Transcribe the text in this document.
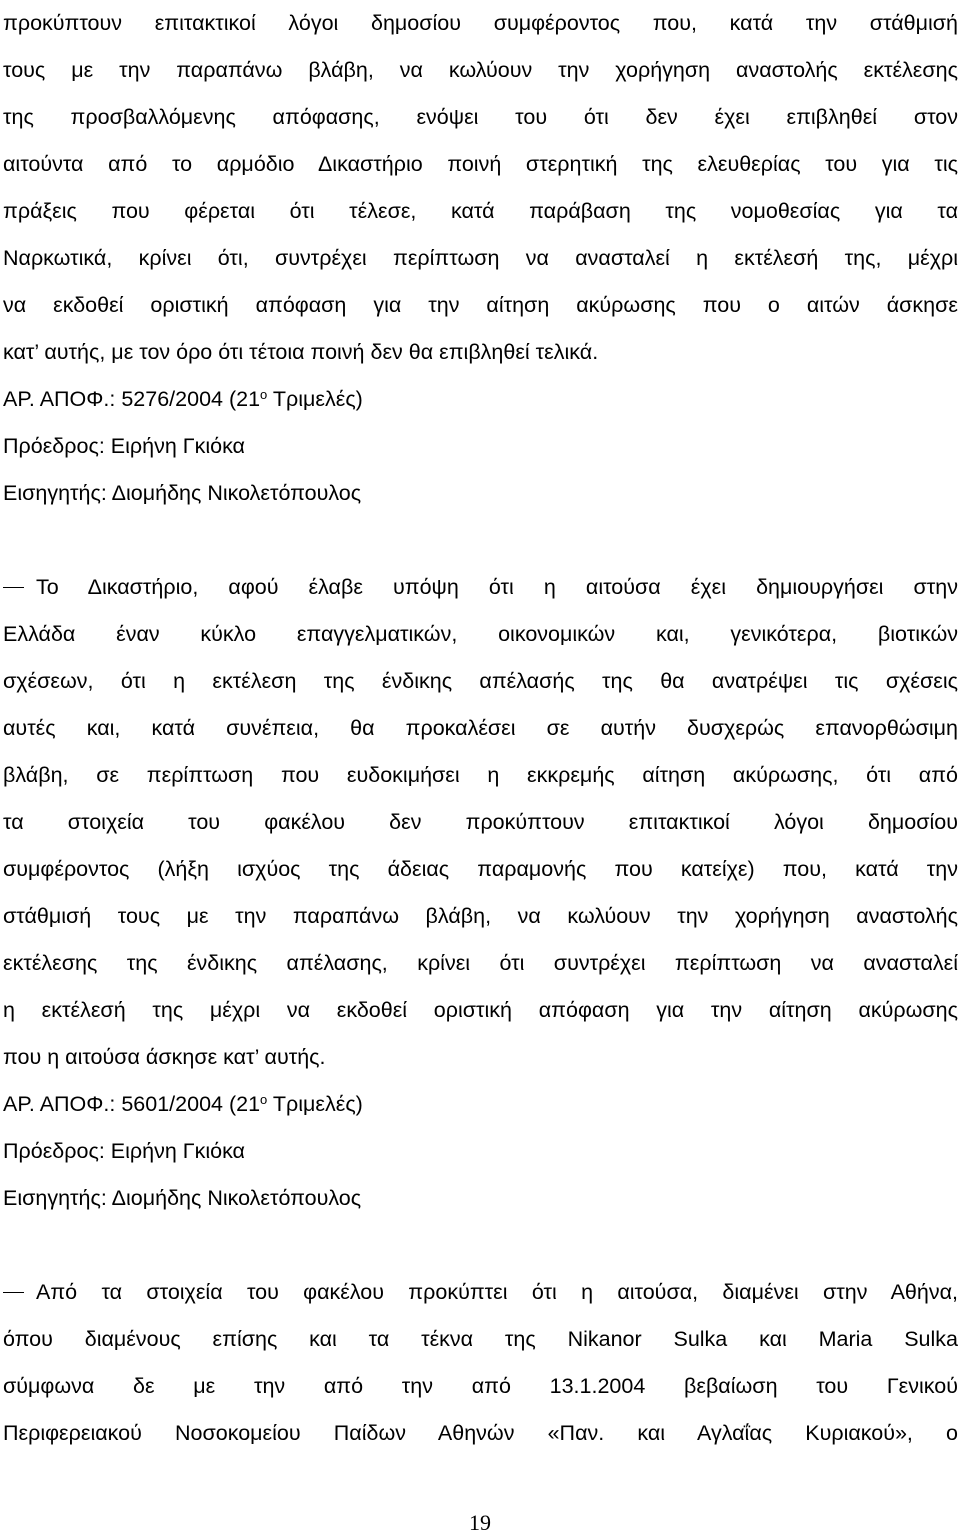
προκύπτουν επιτακτικοί λόγοι δημοσίου συμφέροντος που, κατά την στάθμισή
τους με την παραπάνω βλάβη, να κωλύουν την χορήγηση αναστολής εκτέλεσης
της προσβαλλόμενης απόφασης, ενόψει του ότι δεν έχει επιβληθεί στον
αιτούντα από το αρμόδιο Δικαστήριο ποινή στερητική της ελευθερίας του για τις
πράξεις που φέρεται ότι τέλεσε, κατά παράβαση της νομοθεσίας για τα
Ναρκωτικά, κρίνει ότι, συντρέχει περίπτωση να ανασταλεί η εκτέλεσή της, μέχρι
να εκδοθεί οριστική απόφαση για την αίτηση ακύρωσης που ο αιτών άσκησε
κατ’ αυτής, με τον όρο ότι τέτοια ποινή δεν θα επιβληθεί τελικά.
ΑΡ. ΑΠΟΦ.: 5276/2004 ($21^o$ Τριμελές)
Πρόεδρος: Ειρήνη Γκιόκα
Εισηγητής: Διομήδης Νικολετόπουλος
Το Δικαστήριο, αφού έλαβε υπόψη ότι η αιτούσα έχει δημιουργήσει στην
Ελλάδα έναν κύκλο επαγγελματικών, οικονομικών και, γενικότερα, βιοτικών
σχέσεων, ότι η εκτέλεση της ένδικης απέλασής της θα ανατρέψει τις σχέσεις
αυτές και, κατά συνέπεια, θα προκαλέσει σε αυτήν δυσχερώς επανορθώσιμη
βλάβη, σε περίπτωση που ευδοκιμήσει η εκκρεμής αίτηση ακύρωσης, ότι από
τα στοιχεία του φακέλου δεν προκύπτουν επιτακτικοί λόγοι δημοσίου
συμφέροντος (λήξη ισχύος της άδειας παραμονής που κατείχε) που, κατά την
στάθμισή τους με την παραπάνω βλάβη, να κωλύουν την χορήγηση αναστολής
εκτέλεσης της ένδικης απέλασης, κρίνει ότι συντρέχει περίπτωση να ανασταλεί
η εκτέλεσή της μέχρι να εκδοθεί οριστική απόφαση για την αίτηση ακύρωσης
που η αιτούσα άσκησε κατ’ αυτής.
ΑΡ. ΑΠΟΦ.: 5601/2004 ($21^o$ Τριμελές)
Πρόεδρος: Ειρήνη Γκιόκα
Εισηγητής: Διομήδης Νικολετόπουλος
Από τα στοιχεία του φακέλου προκύπτει ότι η αιτούσα, διαμένει στην Αθήνα,
όπου διαμένους επίσης και τα τέκνα της Nikanor Sulka και Maria Sulka
σύμφωνα δε με την από την από 13.1.2004 βεβαίωση του Γενικού
Περιφερειακού Νοσοκομείου Παίδων Αθηνών «Παν. και Αγλαΐας Κυριακού», ο
19
